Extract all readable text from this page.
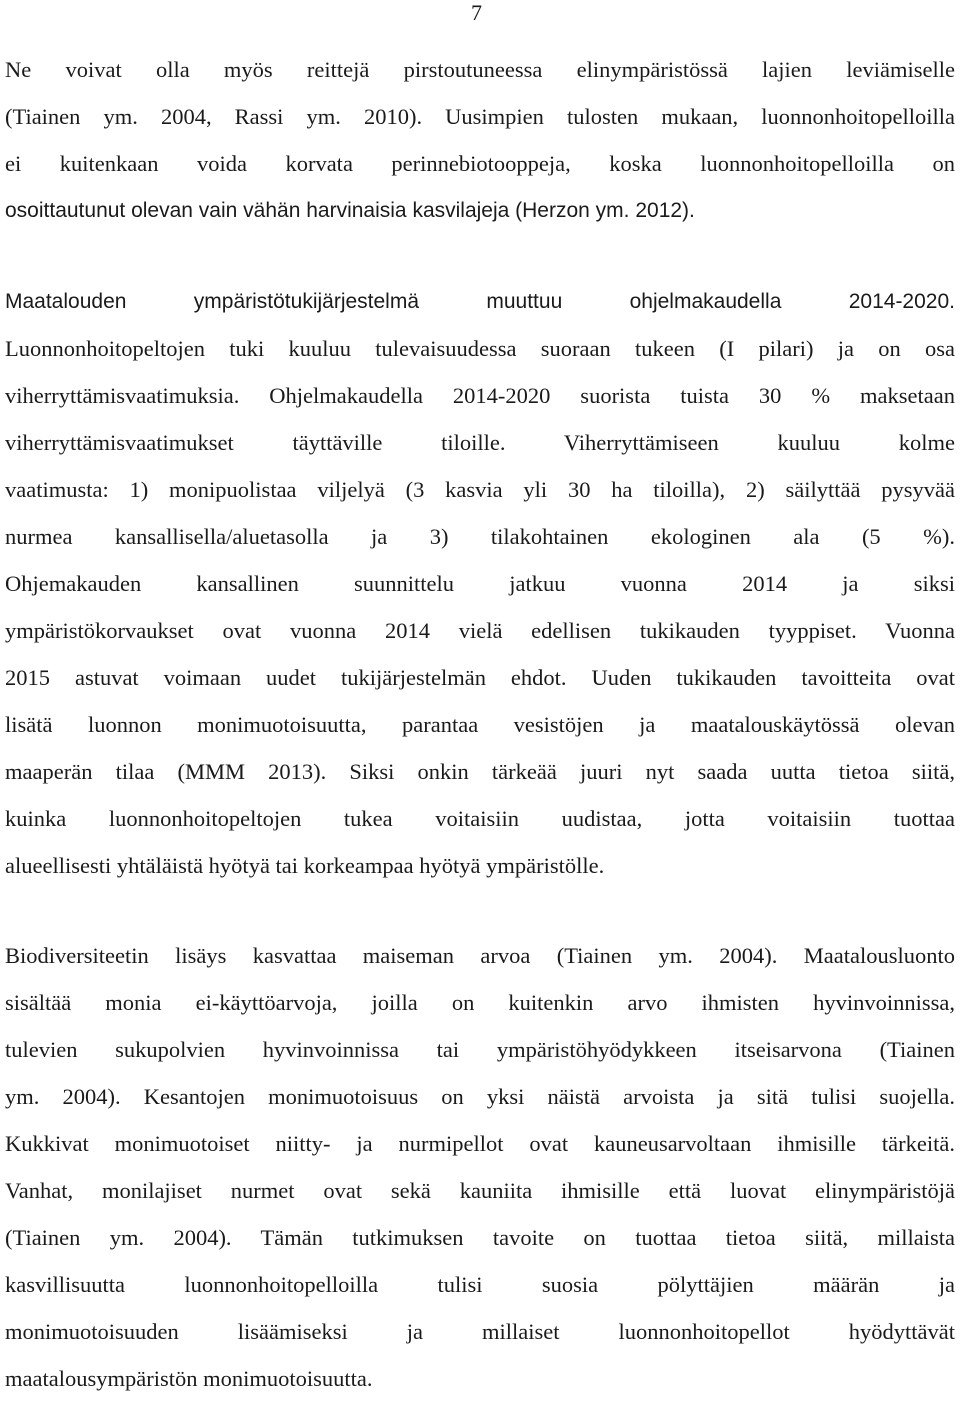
7
Ne voivat olla myös reittejä pirstoutuneessa elinympäristössä lajien leviämiselle
(Tiainen ym. 2004, Rassi ym. 2010). Uusimpien tulosten mukaan, luonnonhoitopelloilla
ei kuitenkaan voida korvata perinnebiotooppeja, koska luonnonhoitopelloilla on
osoittautunut olevan vain vähän harvinaisia kasvilajeja (Herzon ym. 2012).
Maatalouden ympäristötukijärjestelmä muuttuu ohjelmakaudella 2014-2020.
Luonnonhoitopeltojen tuki kuuluu tulevaisuudessa suoraan tukeen (I pilari) ja on osa
viherryttämisvaatimuksia. Ohjelmakaudella 2014-2020 suorista tuista 30 % maksetaan
viherryttämisvaatimukset täyttäville tiloille. Viherryttämiseen kuuluu kolme
vaatimusta: 1) monipuolistaa viljelyä (3 kasvia yli 30 ha tiloilla), 2) säilyttää pysyvää
nurmea kansallisella/aluetasolla ja 3) tilakohtainen ekologinen ala (5 %).
Ohjemakauden kansallinen suunnittelu jatkuu vuonna 2014 ja siksi
ympäristökorvaukset ovat vuonna 2014 vielä edellisen tukikauden tyyppiset. Vuonna
2015 astuvat voimaan uudet tukijärjestelmän ehdot. Uuden tukikauden tavoitteita ovat
lisätä luonnon monimuotoisuutta, parantaa vesistöjen ja maatalouskäytössä olevan
maaperän tilaa (MMM 2013). Siksi onkin tärkeää juuri nyt saada uutta tietoa siitä,
kuinka luonnonhoitopeltojen tukea voitaisiin uudistaa, jotta voitaisiin tuottaa
alueellisesti yhtäläistä hyötyä tai korkeampaa hyötyä ympäristölle.
Biodiversiteetin lisäys kasvattaa maiseman arvoa (Tiainen ym. 2004). Maatalousluonto
sisältää monia ei-käyttöarvoja, joilla on kuitenkin arvo ihmisten hyvinvoinnissa,
tulevien sukupolvien hyvinvoinnissa tai ympäristöhyödykkeen itseisarvona (Tiainen
ym. 2004). Kesantojen monimuotoisuus on yksi näistä arvoista ja sitä tulisi suojella.
Kukkivat monimuotoiset niitty- ja nurmipellot ovat kauneusarvoltaan ihmisille tärkeitä.
Vanhat, monilajiset nurmet ovat sekä kauniita ihmisille että luovat elinympäristöjä
(Tiainen ym. 2004). Tämän tutkimuksen tavoite on tuottaa tietoa siitä, millaista
kasvillisuutta luonnonhoitopelloilla tulisi suosia pölyttäjien määrän ja
monimuotoisuuden lisäämiseksi ja millaiset luonnonhoitopellot hyödyttävät
maatalousympäristön monimuotoisuutta.
